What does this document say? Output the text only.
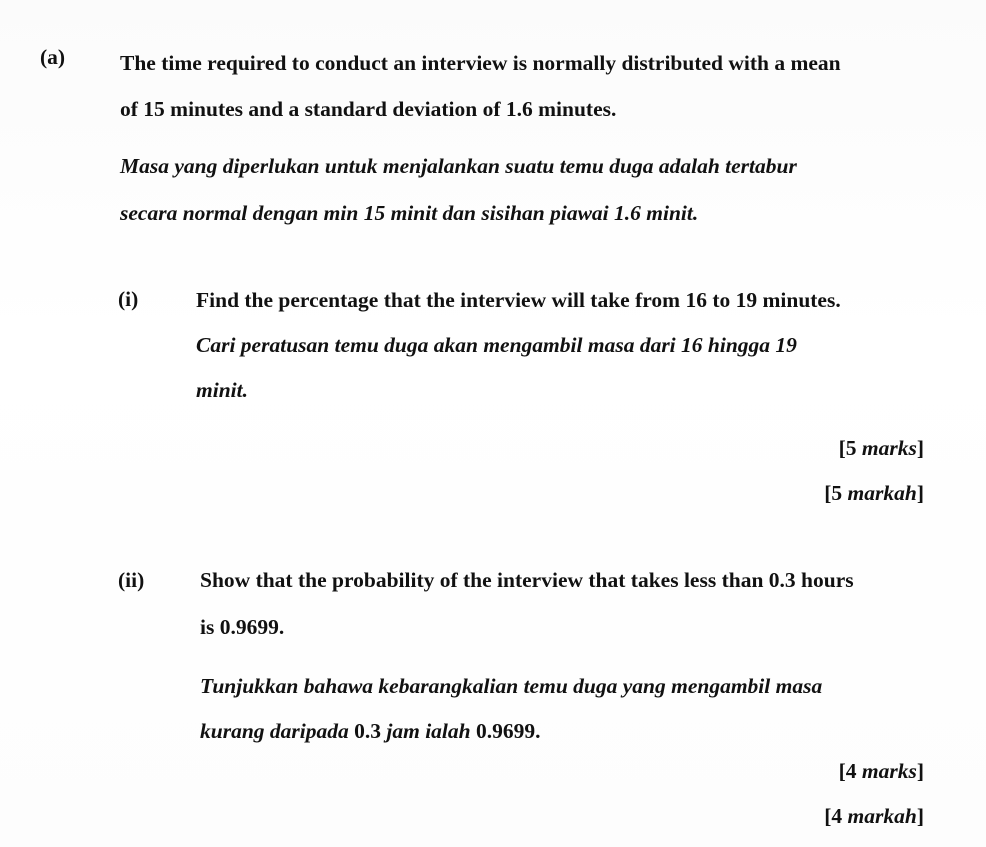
(a)	The time required to conduct an interview is normally distributed with a mean
of 15 minutes and a standard deviation of 1.6 minutes.
Masa yang diperlukan untuk menjalankan suatu temu duga adalah tertabur
secara normal dengan min 15 minit dan sisihan piawai 1.6 minit.
(i)	Find the percentage that the interview will take from 16 to 19 minutes.
Cari peratusan temu duga akan mengambil masa dari 16 hingga 19
minit.
[5 marks]
[5 markah]
(ii)	Show that the probability of the interview that takes less than 0.3 hours
is 0.9699.
Tunjukkan bahawa kebarangkalian temu duga yang mengambil masa
kurang daripada 0.3 jam ialah 0.9699.
[4 marks]
[4 markah]
